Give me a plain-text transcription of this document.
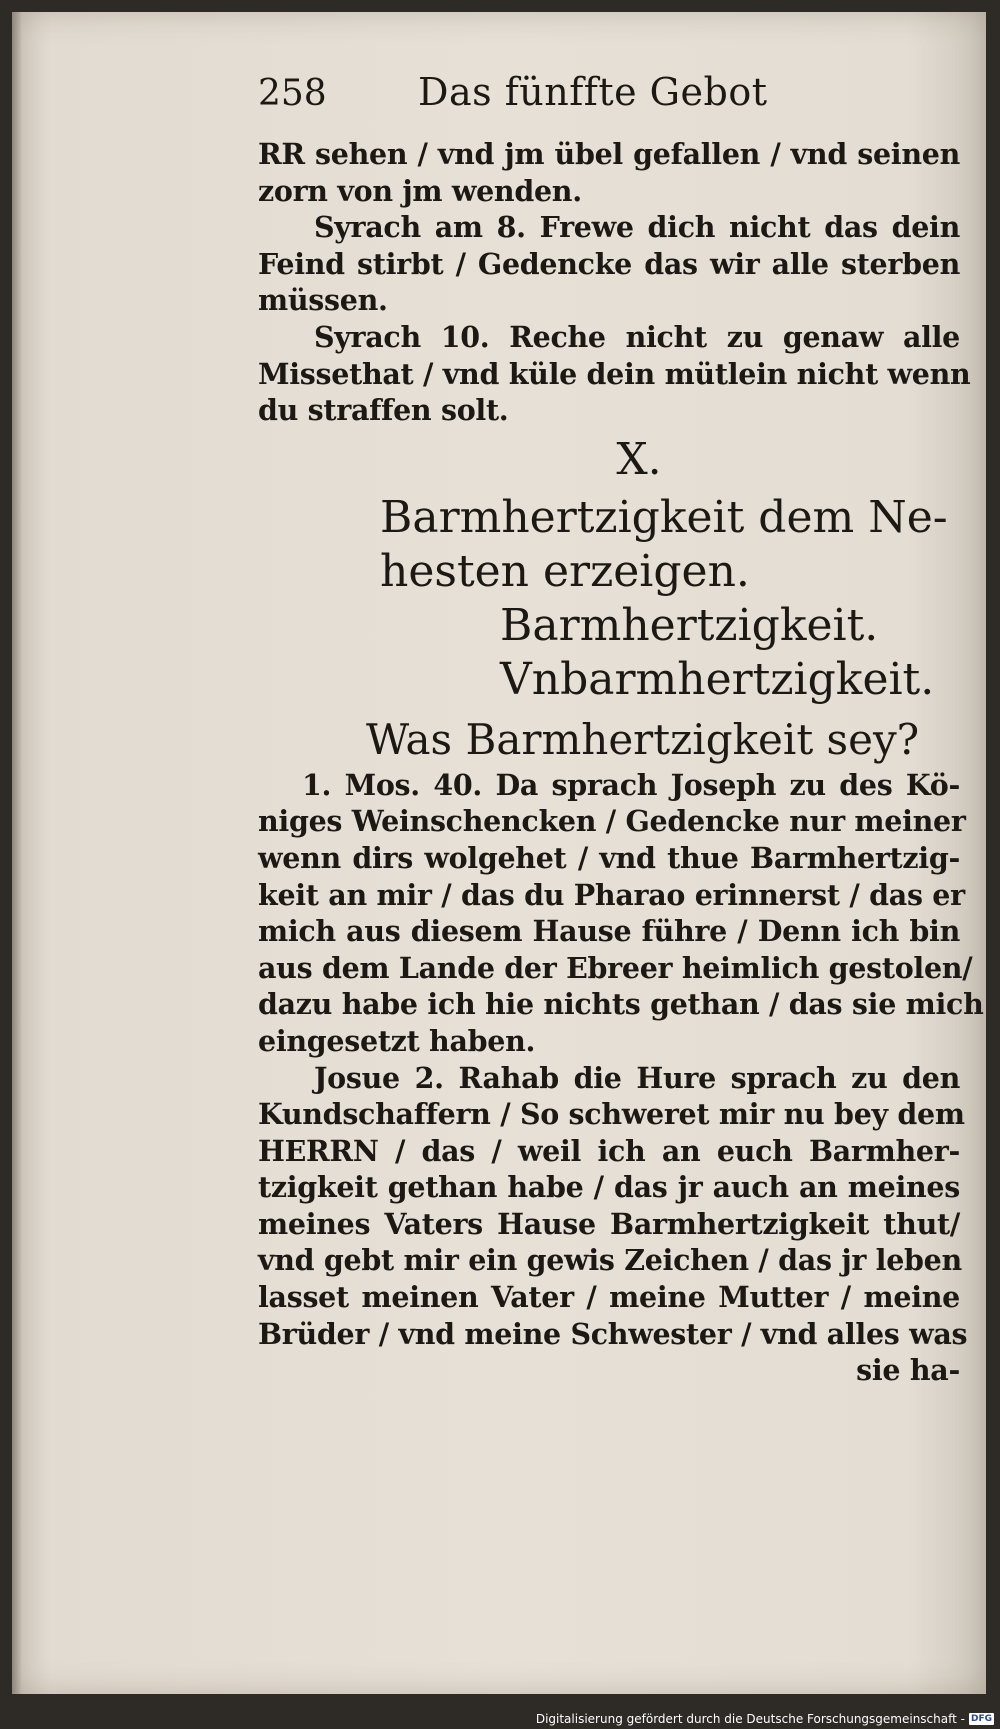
258	Das fünffte Gebot
RR sehen / vnd jm übel gefallen / vnd seinen
zorn von jm wenden.
Syrach am 8. Frewe dich nicht das dein
Feind stirbt / Gedencke das wir alle sterben
müssen.
Syrach 10. Reche nicht zu genaw alle
Missethat / vnd küle dein mütlein nicht wenn
du straffen solt.
X.
Barmhertzigkeit dem Ne-
hesten erzeigen.
Barmhertzigkeit.
Vnbarmhertzigkeit.
Was Barmhertzigkeit sey?
1. Mos. 40. Da sprach Joseph zu des Kö-
niges Weinschencken / Gedencke nur meiner
wenn dirs wolgehet / vnd thue Barmhertzig-
keit an mir / das du Pharao erinnerst / das er
mich aus diesem Hause führe / Denn ich bin
aus dem Lande der Ebreer heimlich gestolen/
dazu habe ich hie nichts gethan / das sie mich
eingesetzt haben.
Josue 2. Rahab die Hure sprach zu den
Kundschaffern / So schweret mir nu bey dem
HERRN / das / weil ich an euch Barmher-
tzigkeit gethan habe / das jr auch an meines
meines Vaters Hause Barmhertzigkeit thut/
vnd gebt mir ein gewis Zeichen / das jr leben
lasset meinen Vater / meine Mutter / meine
Brüder / vnd meine Schwester / vnd alles was
sie ha-
Digitalisierung gefördert durch die Deutsche Forschungsgemeinschaft - DFG
